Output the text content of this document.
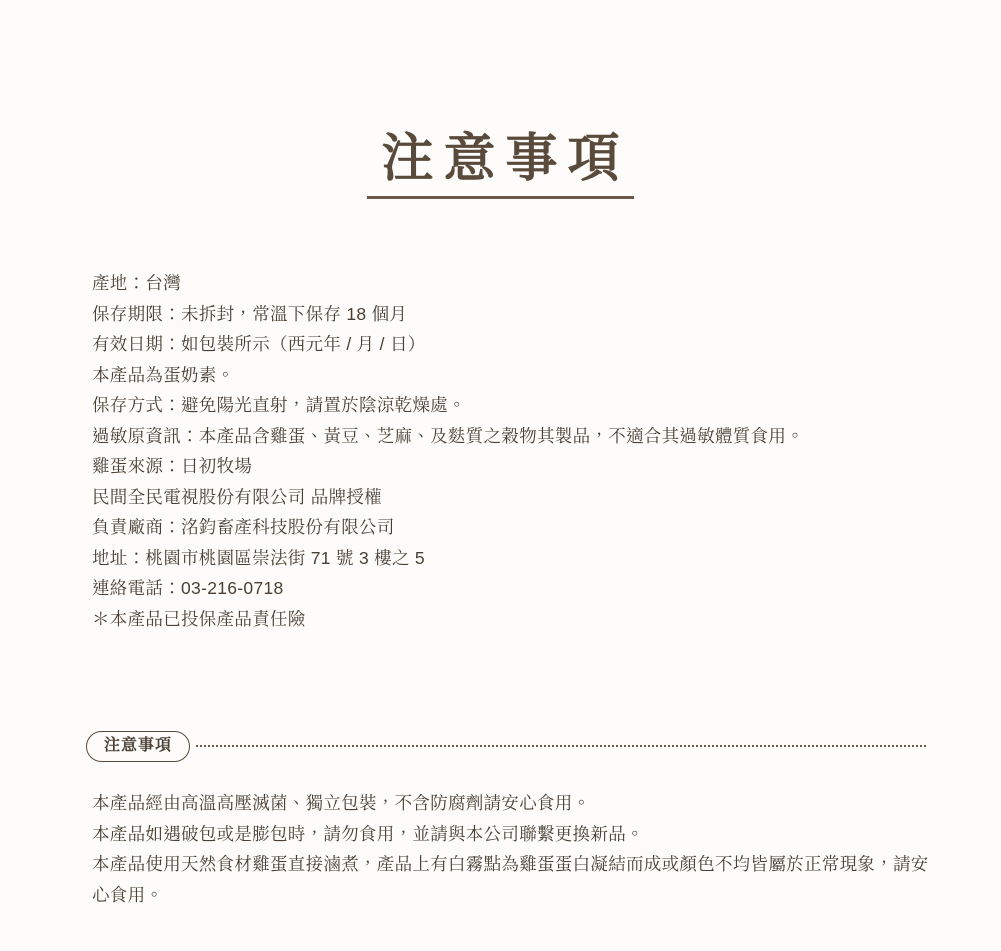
注意事項
產地：台灣
保存期限：未拆封，常溫下保存 18 個月
有效日期：如包裝所示（西元年 / 月 / 日）
本產品為蛋奶素。
保存方式：避免陽光直射，請置於陰涼乾燥處。
過敏原資訊：本產品含雞蛋、黃豆、芝麻、及麩質之穀物其製品，不適合其過敏體質食用。
雞蛋來源：日初牧場
民間全民電視股份有限公司 品牌授權
負責廠商：洺鈞畜產科技股份有限公司
地址：桃園市桃園區崇法街 71 號 3 樓之 5
連絡電話：03-216-0718
＊本產品已投保產品責任險
注意事項
本產品經由高溫高壓滅菌、獨立包裝，不含防腐劑請安心食用。
本產品如遇破包或是膨包時，請勿食用，並請與本公司聯繫更換新品。
本產品使用天然食材雞蛋直接滷煮，產品上有白霧點為雞蛋蛋白凝結而成或顏色不均皆屬於正常現象，請安心食用。
